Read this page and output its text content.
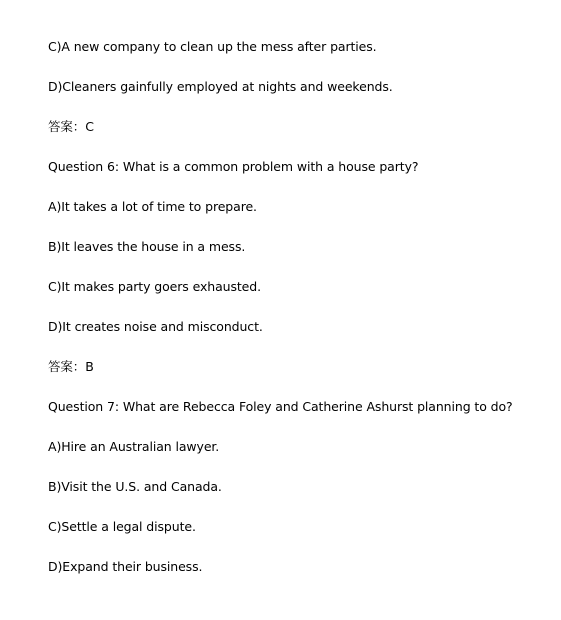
C)A new company to clean up the mess after parties.
D)Cleaners gainfully employed at nights and weekends.
答案：C
Question 6: What is a common problem with a house party?
A)It takes a lot of time to prepare.
B)It leaves the house in a mess.
C)It makes party goers exhausted.
D)It creates noise and misconduct.
答案：B
Question 7: What are Rebecca Foley and Catherine Ashurst planning to do?
A)Hire an Australian lawyer.
B)Visit the U.S. and Canada.
C)Settle a legal dispute.
D)Expand their business.
